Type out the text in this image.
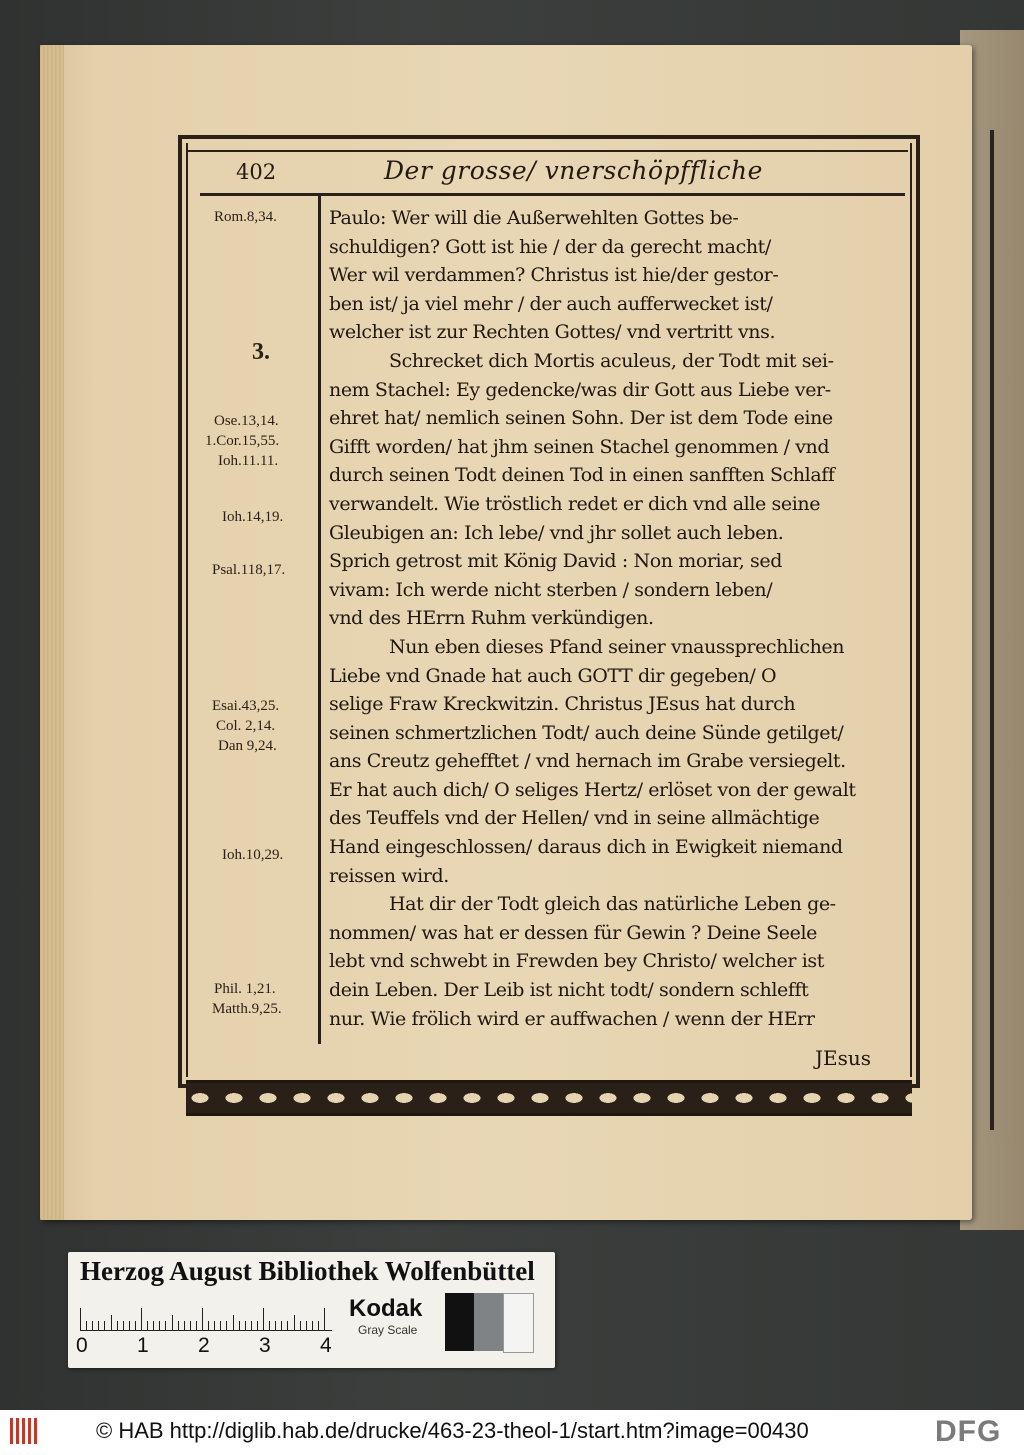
402	Der grosse/ vnerschöpffliche
Rom.8,34.
3.
Ose.13,14.
1.Cor.15,55.
Ioh.11.11.
Ioh.14,19.
Psal.118,17.
Esai.43,25.
Col. 2,14.
Dan 9,24.
Ioh.10,29.
Phil. 1,21.
Matth.9,25.
Paulo: Wer will die Außerwehlten Gottes be-
schuldigen? Gott ist hie / der da gerecht macht/
Wer wil verdammen? Christus ist hie/der gestor-
ben ist/ ja viel mehr / der auch aufferwecket ist/
welcher ist zur Rechten Gottes/ vnd vertritt vns.
Schrecket dich Mortis aculeus, der Todt mit sei-
nem Stachel: Ey gedencke/was dir Gott aus Liebe ver-
ehret hat/ nemlich seinen Sohn. Der ist dem Tode eine
Gifft worden/ hat jhm seinen Stachel genommen / vnd
durch seinen Todt deinen Tod in einen sanfften Schlaff
verwandelt. Wie tröstlich redet er dich vnd alle seine
Gleubigen an: Ich lebe/ vnd jhr sollet auch leben.
Sprich getrost mit König David : Non moriar, sed
vivam: Ich werde nicht sterben / sondern leben/
vnd des HErrn Ruhm verkündigen.
Nun eben dieses Pfand seiner vnaussprechlichen
Liebe vnd Gnade hat auch GOTT dir gegeben/ O
selige Fraw Kreckwitzin. Christus JEsus hat durch
seinen schmertzlichen Todt/ auch deine Sünde getilget/
ans Creutz gehefftet / vnd hernach im Grabe versiegelt.
Er hat auch dich/ O seliges Hertz/ erlöset von der gewalt
des Teuffels vnd der Hellen/ vnd in seine allmächtige
Hand eingeschlossen/ daraus dich in Ewigkeit niemand
reissen wird.
Hat dir der Todt gleich das natürliche Leben ge-
nommen/ was hat er dessen für Gewin ? Deine Seele
lebt vnd schwebt in Frewden bey Christo/ welcher ist
dein Leben. Der Leib ist nicht todt/ sondern schlefft
nur. Wie frölich wird er auffwachen / wenn der HErr
JEsus
Herzog August Bibliothek Wolfenbüttel
0 1 2 3 4
Kodak
Gray Scale
© HAB http://diglib.hab.de/drucke/463-23-theol-1/start.htm?image=00430	DFG
